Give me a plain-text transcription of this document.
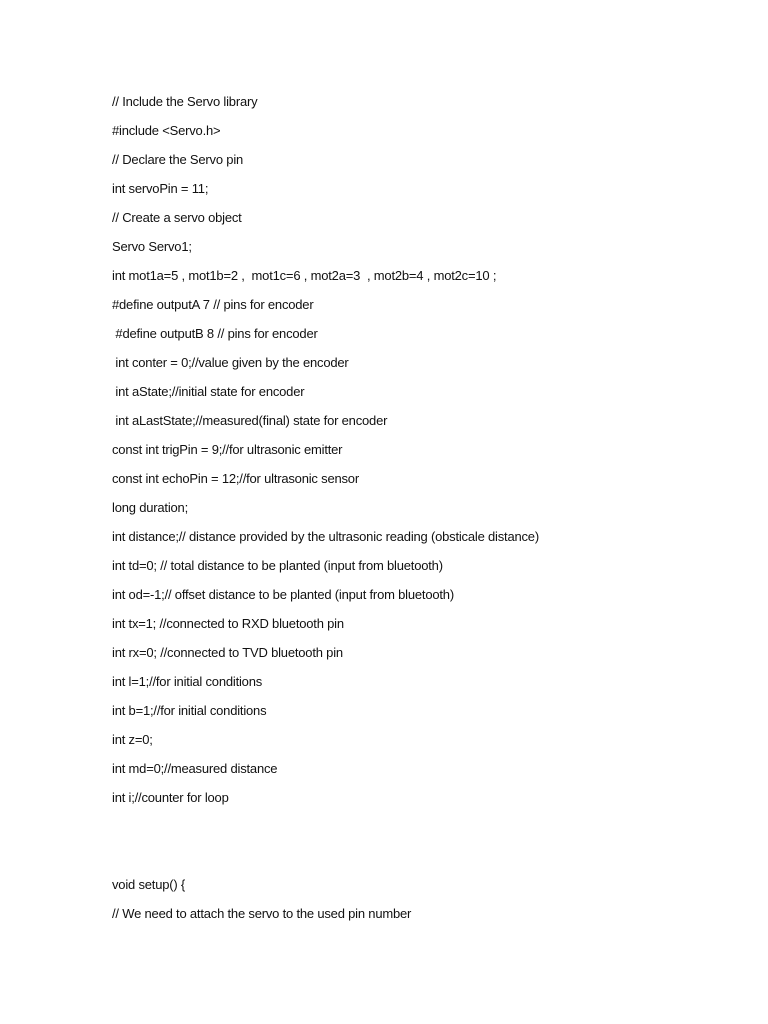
// Include the Servo library
#include <Servo.h>
// Declare the Servo pin
int servoPin = 11;
// Create a servo object
Servo Servo1;
int mot1a=5 , mot1b=2 ,  mot1c=6 , mot2a=3  , mot2b=4 , mot2c=10 ;
#define outputA 7 // pins for encoder
#define outputB 8 // pins for encoder
int conter = 0;//value given by the encoder
int aState;//initial state for encoder
int aLastState;//measured(final) state for encoder
const int trigPin = 9;//for ultrasonic emitter
const int echoPin = 12;//for ultrasonic sensor
long duration;
int distance;// distance provided by the ultrasonic reading (obsticale distance)
int td=0; // total distance to be planted (input from bluetooth)
int od=-1;// offset distance to be planted (input from bluetooth)
int tx=1; //connected to RXD bluetooth pin
int rx=0; //connected to TVD bluetooth pin
int l=1;//for initial conditions
int b=1;//for initial conditions
int z=0;
int md=0;//measured distance
int i;//counter for loop
void setup() {
// We need to attach the servo to the used pin number
